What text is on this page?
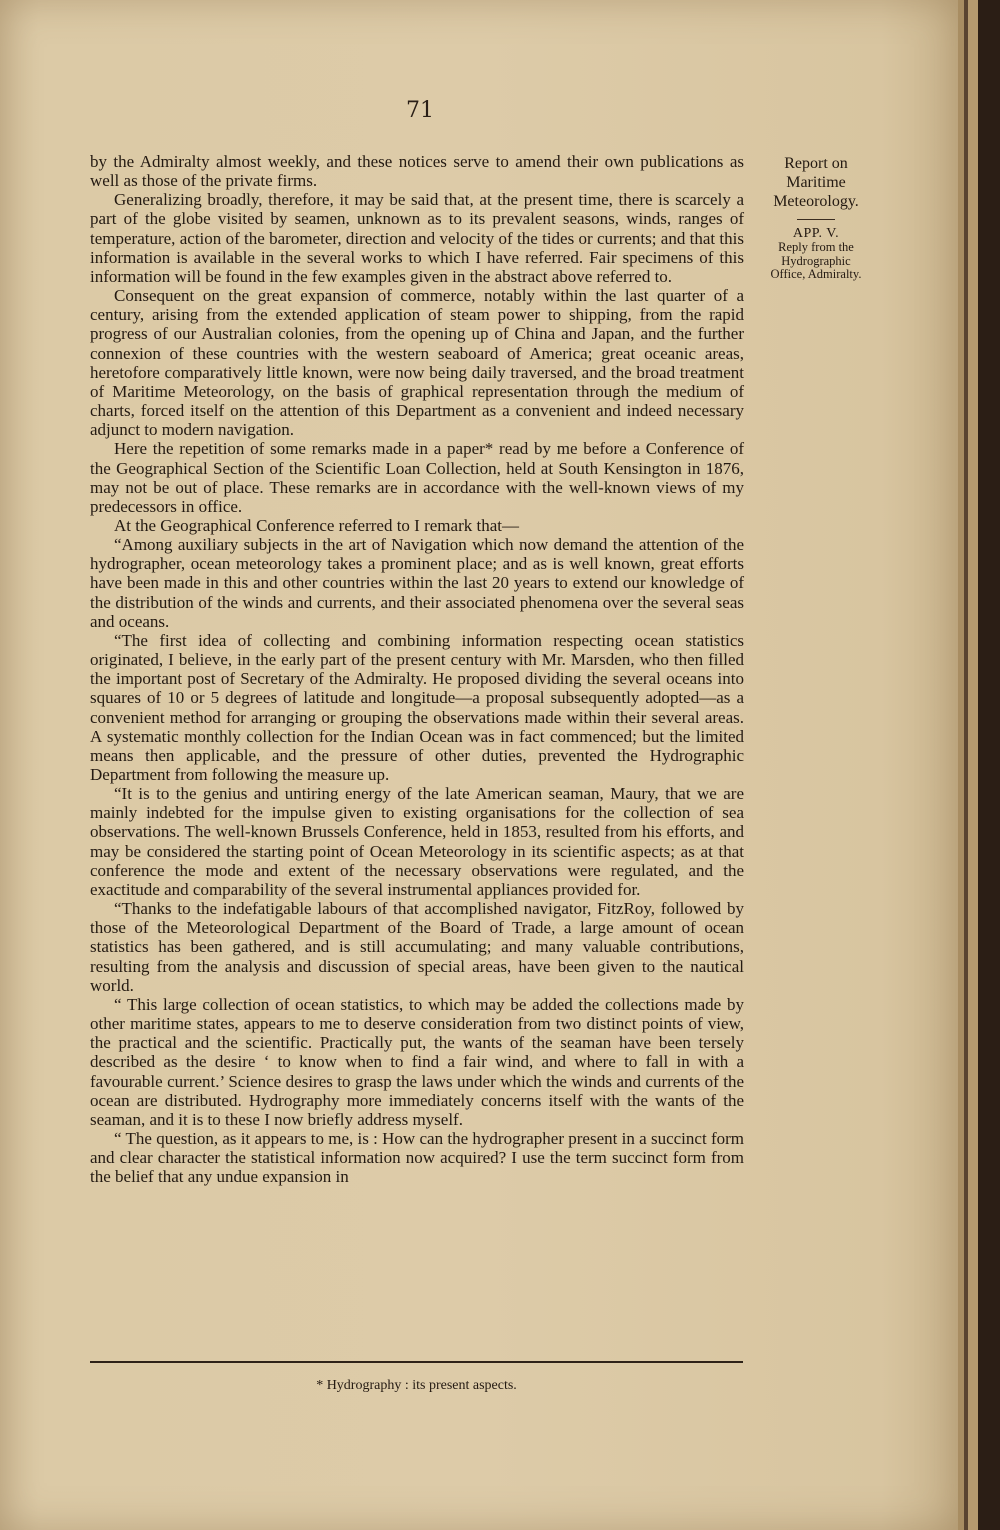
71

by the Admiralty almost weekly, and these notices serve to amend their own publications as well as those of the private firms.

Generalizing broadly, therefore, it may be said that, at the present time, there is scarcely a part of the globe visited by seamen, unknown as to its prevalent seasons, winds, ranges of temperature, action of the barometer, direction and velocity of the tides or currents; and that this information is available in the several works to which I have referred. Fair specimens of this information will be found in the few examples given in the abstract above referred to.

Consequent on the great expansion of commerce, notably within the last quarter of a century, arising from the extended application of steam power to shipping, from the rapid progress of our Australian colonies, from the opening up of China and Japan, and the further connexion of these countries with the western seaboard of America; great oceanic areas, heretofore comparatively little known, were now being daily traversed, and the broad treatment of Maritime Meteorology, on the basis of graphical representation through the medium of charts, forced itself on the attention of this Department as a convenient and indeed necessary adjunct to modern navigation.

Here the repetition of some remarks made in a paper* read by me before a Conference of the Geographical Section of the Scientific Loan Collection, held at South Kensington in 1876, may not be out of place. These remarks are in accordance with the well-known views of my predecessors in office.

At the Geographical Conference referred to I remark that—

“Among auxiliary subjects in the art of Navigation which now demand the attention of the hydrographer, ocean meteorology takes a prominent place; and as is well known, great efforts have been made in this and other countries within the last 20 years to extend our knowledge of the distribution of the winds and currents, and their associated phenomena over the several seas and oceans.

“The first idea of collecting and combining information respecting ocean statistics originated, I believe, in the early part of the present century with Mr. Marsden, who then filled the important post of Secretary of the Admiralty. He proposed dividing the several oceans into squares of 10 or 5 degrees of latitude and longitude—a proposal subsequently adopted—as a convenient method for arranging or grouping the observations made within their several areas. A systematic monthly collection for the Indian Ocean was in fact commenced; but the limited means then applicable, and the pressure of other duties, prevented the Hydrographic Department from following the measure up.

“It is to the genius and untiring energy of the late American seaman, Maury, that we are mainly indebted for the impulse given to existing organisations for the collection of sea observations. The well-known Brussels Conference, held in 1853, resulted from his efforts, and may be considered the starting point of Ocean Meteorology in its scientific aspects; as at that conference the mode and extent of the necessary observations were regulated, and the exactitude and comparability of the several instrumental appliances provided for.

“Thanks to the indefatigable labours of that accomplished navigator, FitzRoy, followed by those of the Meteorological Department of the Board of Trade, a large amount of ocean statistics has been gathered, and is still accumulating; and many valuable contributions, resulting from the analysis and discussion of special areas, have been given to the nautical world.

“ This large collection of ocean statistics, to which may be added the collections made by other maritime states, appears to me to deserve consideration from two distinct points of view, the practical and the scientific. Practically put, the wants of the seaman have been tersely described as the desire ‘ to know when to find a fair wind, and where to fall in with a favourable current.’ Science desires to grasp the laws under which the winds and currents of the ocean are distributed. Hydrography more immediately concerns itself with the wants of the seaman, and it is to these I now briefly address myself.

“ The question, as it appears to me, is : How can the hydrographer present in a succinct form and clear character the statistical information now acquired? I use the term succinct form from the belief that any undue expansion in

Report on
Maritime
Meteorology.
APP. V.
Reply from the
Hydrographic
Office, Admiralty.
* Hydrography : its present aspects.
